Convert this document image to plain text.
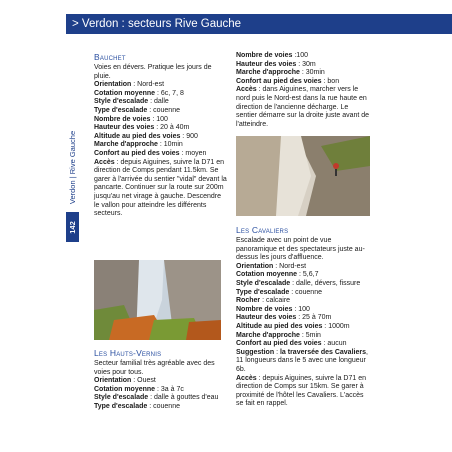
> Verdon : secteurs Rive Gauche
Verdon | Rive Gauche
142
Bauchet

Voies en dévers. Pratique les jours de pluie.

Orientation : Nord-est

Cotation moyenne : 6c, 7, 8

Style d'escalade : dalle

Type d'escalade : couenne

Nombre de voies : 100

Hauteur des voies : 20 à 40m

Altitude au pied des voies : 900

Marche d'approche : 10min

Confort au pied des voies : moyen

Accès : depuis Aiguines, suivre la D71 en direction de Comps pendant 11.5km. Se garer à l'arrivée du sentier "vidal" devant la pancarte. Continuer sur la route sur 200m jusqu'au net virage à gauche. Descendre le vallon pour atteindre les différents secteurs.

Les Hauts-Vernis

Secteur familial très agréable avec des voies pour tous.

Orientation : Ouest

Cotation moyenne : 3a à 7c

Style d'escalade : dalle à gouttes d'eau

Type d'escalade : couenne

Nombre de voies :100

Hauteur des voies : 30m

Marche d'approche : 30min

Confort au pied des voies : bon

Accès : dans Aiguines, marcher vers le nord puis le Nord-est dans la rue haute en direction de l'ancienne décharge. Le sentier démarre sur la droite juste avant de l'atteindre.

Les Cavaliers

Escalade avec un point de vue panoramique et des spectateurs juste au-dessus les jours d'affluence.

Orientation : Nord-est

Cotation moyenne : 5,6,7

Style d'escalade : dalle, dévers, fissure

Type d'escalade : couenne

Rocher : calcaire

Nombre de voies : 100

Hauteur des voies : 25 à 70m

Altitude au pied des voies : 1000m

Marche d'approche : 5min

Confort au pied des voies : aucun

Suggestion : la traversée des Cavaliers, 11 longueurs dans le 5 avec une longueur 6b.

Accès : depuis Aiguines, suivre la D71 en direction de Comps sur 15km. Se garer à proximité de l'hôtel les Cavaliers. L'accès se fait en rappel.
